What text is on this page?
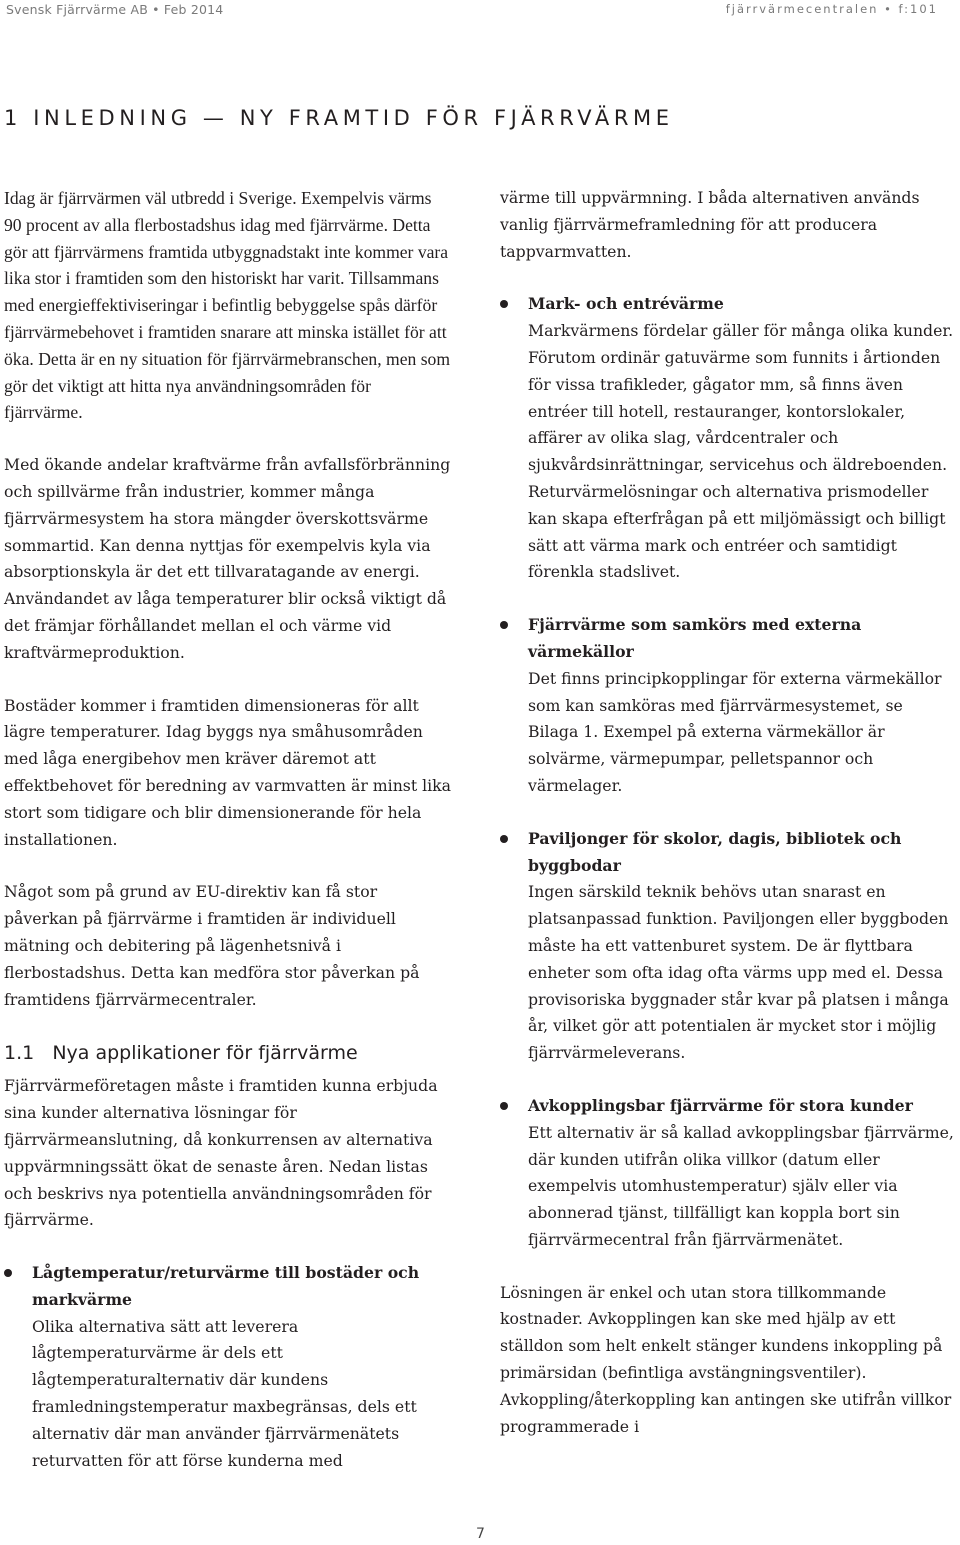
Svensk Fjärrvärme AB • Feb 2014	fjärrvärmecentralen • f:101
1 INLEDNING — NY FRAMTID FÖR FJÄRRVÄRME

Idag är fjärrvärmen väl utbredd i Sverige. Exempelvis värms 90 procent av alla flerbostadshus idag med fjärrvärme. Detta gör att fjärrvärmens framtida utbyggnadstakt inte kommer vara lika stor i framtiden som den historiskt har varit. Tillsammans med energieffektiviseringar i befintlig bebyggelse spås därför fjärrvärmebehovet i framtiden snarare att minska istället för att öka. Detta är en ny situation för fjärrvärmebranschen, men som gör det viktigt att hitta nya användningsområden för fjärrvärme.

Med ökande andelar kraftvärme från avfallsförbränning och spillvärme från industrier, kommer många fjärrvärmesystem ha stora mängder överskottsvärme sommartid. Kan denna nyttjas för exempelvis kyla via absorptionskyla är det ett tillvaratagande av energi. Användandet av låga temperaturer blir också viktigt då det främjar förhållandet mellan el och värme vid kraftvärmeproduktion.

Bostäder kommer i framtiden dimensioneras för allt lägre temperaturer. Idag byggs nya småhusområden med låga energibehov men kräver däremot att effektbehovet för beredning av varmvatten är minst lika stort som tidigare och blir dimensionerande för hela installationen.

Något som på grund av EU-direktiv kan få stor påverkan på fjärrvärme i framtiden är individuell mätning och debitering på lägenhetsnivå i flerbostadshus. Detta kan medföra stor påverkan på framtidens fjärrvärmecentraler.

1.1 Nya applikationer för fjärrvärme

Fjärrvärmeföretagen måste i framtiden kunna erbjuda sina kunder alternativa lösningar för fjärrvärmeanslutning, då konkurrensen av alternativa uppvärmningssätt ökat de senaste åren. Nedan listas och beskrivs nya potentiella användningsområden för fjärrvärme.

Lågtemperatur/returvärme till bostäder och markvärme
Olika alternativa sätt att leverera lågtemperaturvärme är dels ett lågtemperaturalternativ där kundens framledningstemperatur maxbegränsas, dels ett alternativ där man använder fjärrvärmenätets returvatten för att förse kunderna med

värme till uppvärmning. I båda alternativen används vanlig fjärrvärmeframledning för att producera tappvarmvatten.

Mark- och entrévärme
Markvärmens fördelar gäller för många olika kunder. Förutom ordinär gatuvärme som funnits i årtionden för vissa trafikleder, gågator mm, så finns även entréer till hotell, restauranger, kontorslokaler, affärer av olika slag, vårdcentraler och sjukvårdsinrättningar, servicehus och äldreboenden. Returvärmelösningar och alternativa prismodeller kan skapa efterfrågan på ett miljömässigt och billigt sätt att värma mark och entréer och samtidigt förenkla stadslivet.
Fjärrvärme som samkörs med externa värmekällor
Det finns principkopplingar för externa värmekällor som kan samköras med fjärrvärmesystemet, se Bilaga 1. Exempel på externa värmekällor är solvärme, värmepumpar, pelletspannor och värmelager.
Paviljonger för skolor, dagis, bibliotek och byggbodar
Ingen särskild teknik behövs utan snarast en platsanpassad funktion. Paviljongen eller byggboden måste ha ett vattenburet system. De är flyttbara enheter som ofta idag ofta värms upp med el. Dessa provisoriska byggnader står kvar på platsen i många år, vilket gör att potentialen är mycket stor i möjlig fjärrvärmeleverans.
Avkopplingsbar fjärrvärme för stora kunder
Ett alternativ är så kallad avkopplingsbar fjärrvärme, där kunden utifrån olika villkor (datum eller exempelvis utomhustemperatur) själv eller via abonnerad tjänst, tillfälligt kan koppla bort sin fjärrvärmecentral från fjärrvärmenätet.

Lösningen är enkel och utan stora tillkommande kostnader. Avkopplingen kan ske med hjälp av ett ställdon som helt enkelt stänger kundens inkoppling på primärsidan (befintliga avstängningsventiler). Avkoppling/återkoppling kan antingen ske utifrån villkor programmerade i

7
